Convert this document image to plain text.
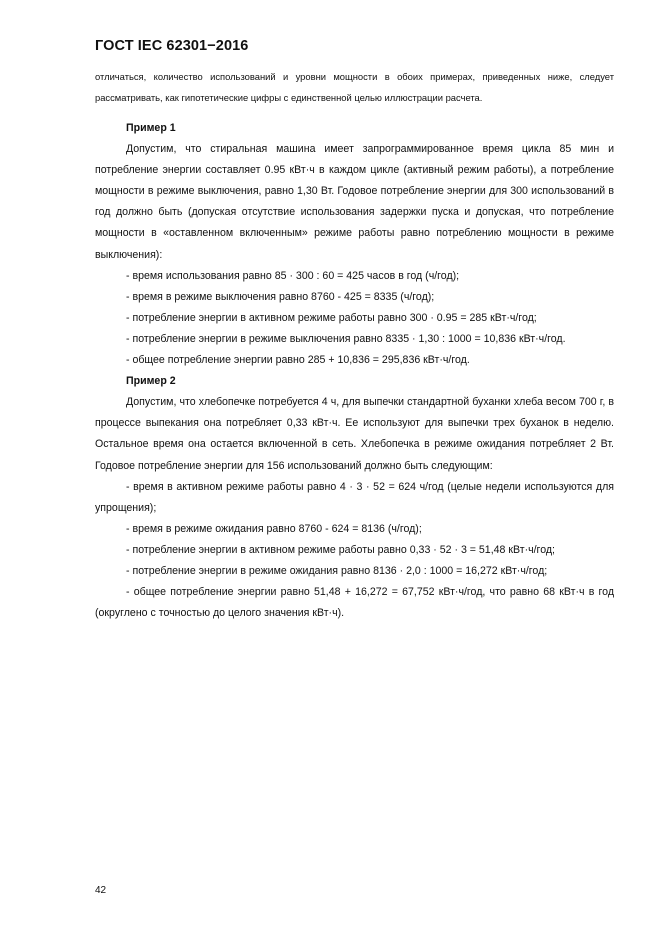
ГОСТ IEC 62301−2016

отличаться, количество использований и уровни мощности в обоих примерах, приведенных ниже, следует рассматривать, как гипотетические цифры с единственной целью иллюстрации расчета.

Пример 1

Допустим, что стиральная машина имеет запрограммированное время цикла 85 мин и потребление энергии составляет 0.95 кВт·ч в каждом цикле (активный режим работы), а потребление мощности в режиме выключения, равно 1,30 Вт. Годовое потребление энергии для 300 использований в год должно быть (допуская отсутствие использования задержки пуска и допуская, что потребление мощности в «оставленном включенным» режиме работы равно потреблению мощности в режиме выключения):

- время использования равно 85 · 300 : 60 = 425 часов в год (ч/год);

- время в режиме выключения равно 8760 - 425 = 8335 (ч/год);

- потребление энергии в активном режиме работы равно 300 · 0.95 = 285 кВт·ч/год;

- потребление энергии в режиме выключения равно 8335 · 1,30 : 1000 = 10,836 кВт·ч/год.

- общее потребление энергии равно 285 + 10,836 = 295,836 кВт·ч/год.

Пример 2

Допустим, что хлебопечке потребуется 4 ч, для выпечки стандартной буханки хлеба весом 700 г, в процессе выпекания она потребляет 0,33 кВт·ч. Ее используют для выпечки трех буханок в неделю. Остальное время она остается включенной в сеть. Хлебопечка в режиме ожидания потребляет 2 Вт. Годовое потребление энергии для 156 использований должно быть следующим:

- время в активном режиме работы равно 4 · 3 · 52 = 624 ч/год (целые недели используются для упрощения);

- время в режиме ожидания равно 8760 - 624 = 8136 (ч/год);

- потребление энергии в активном режиме работы равно 0,33 · 52 · 3 = 51,48 кВт·ч/год;

- потребление энергии в режиме ожидания равно 8136 · 2,0 : 1000 = 16,272 кВт·ч/год;

- общее потребление энергии равно 51,48 + 16,272 = 67,752 кВт·ч/год, что равно 68 кВт·ч в год (округлено с точностью до целого значения кВт·ч).

42
